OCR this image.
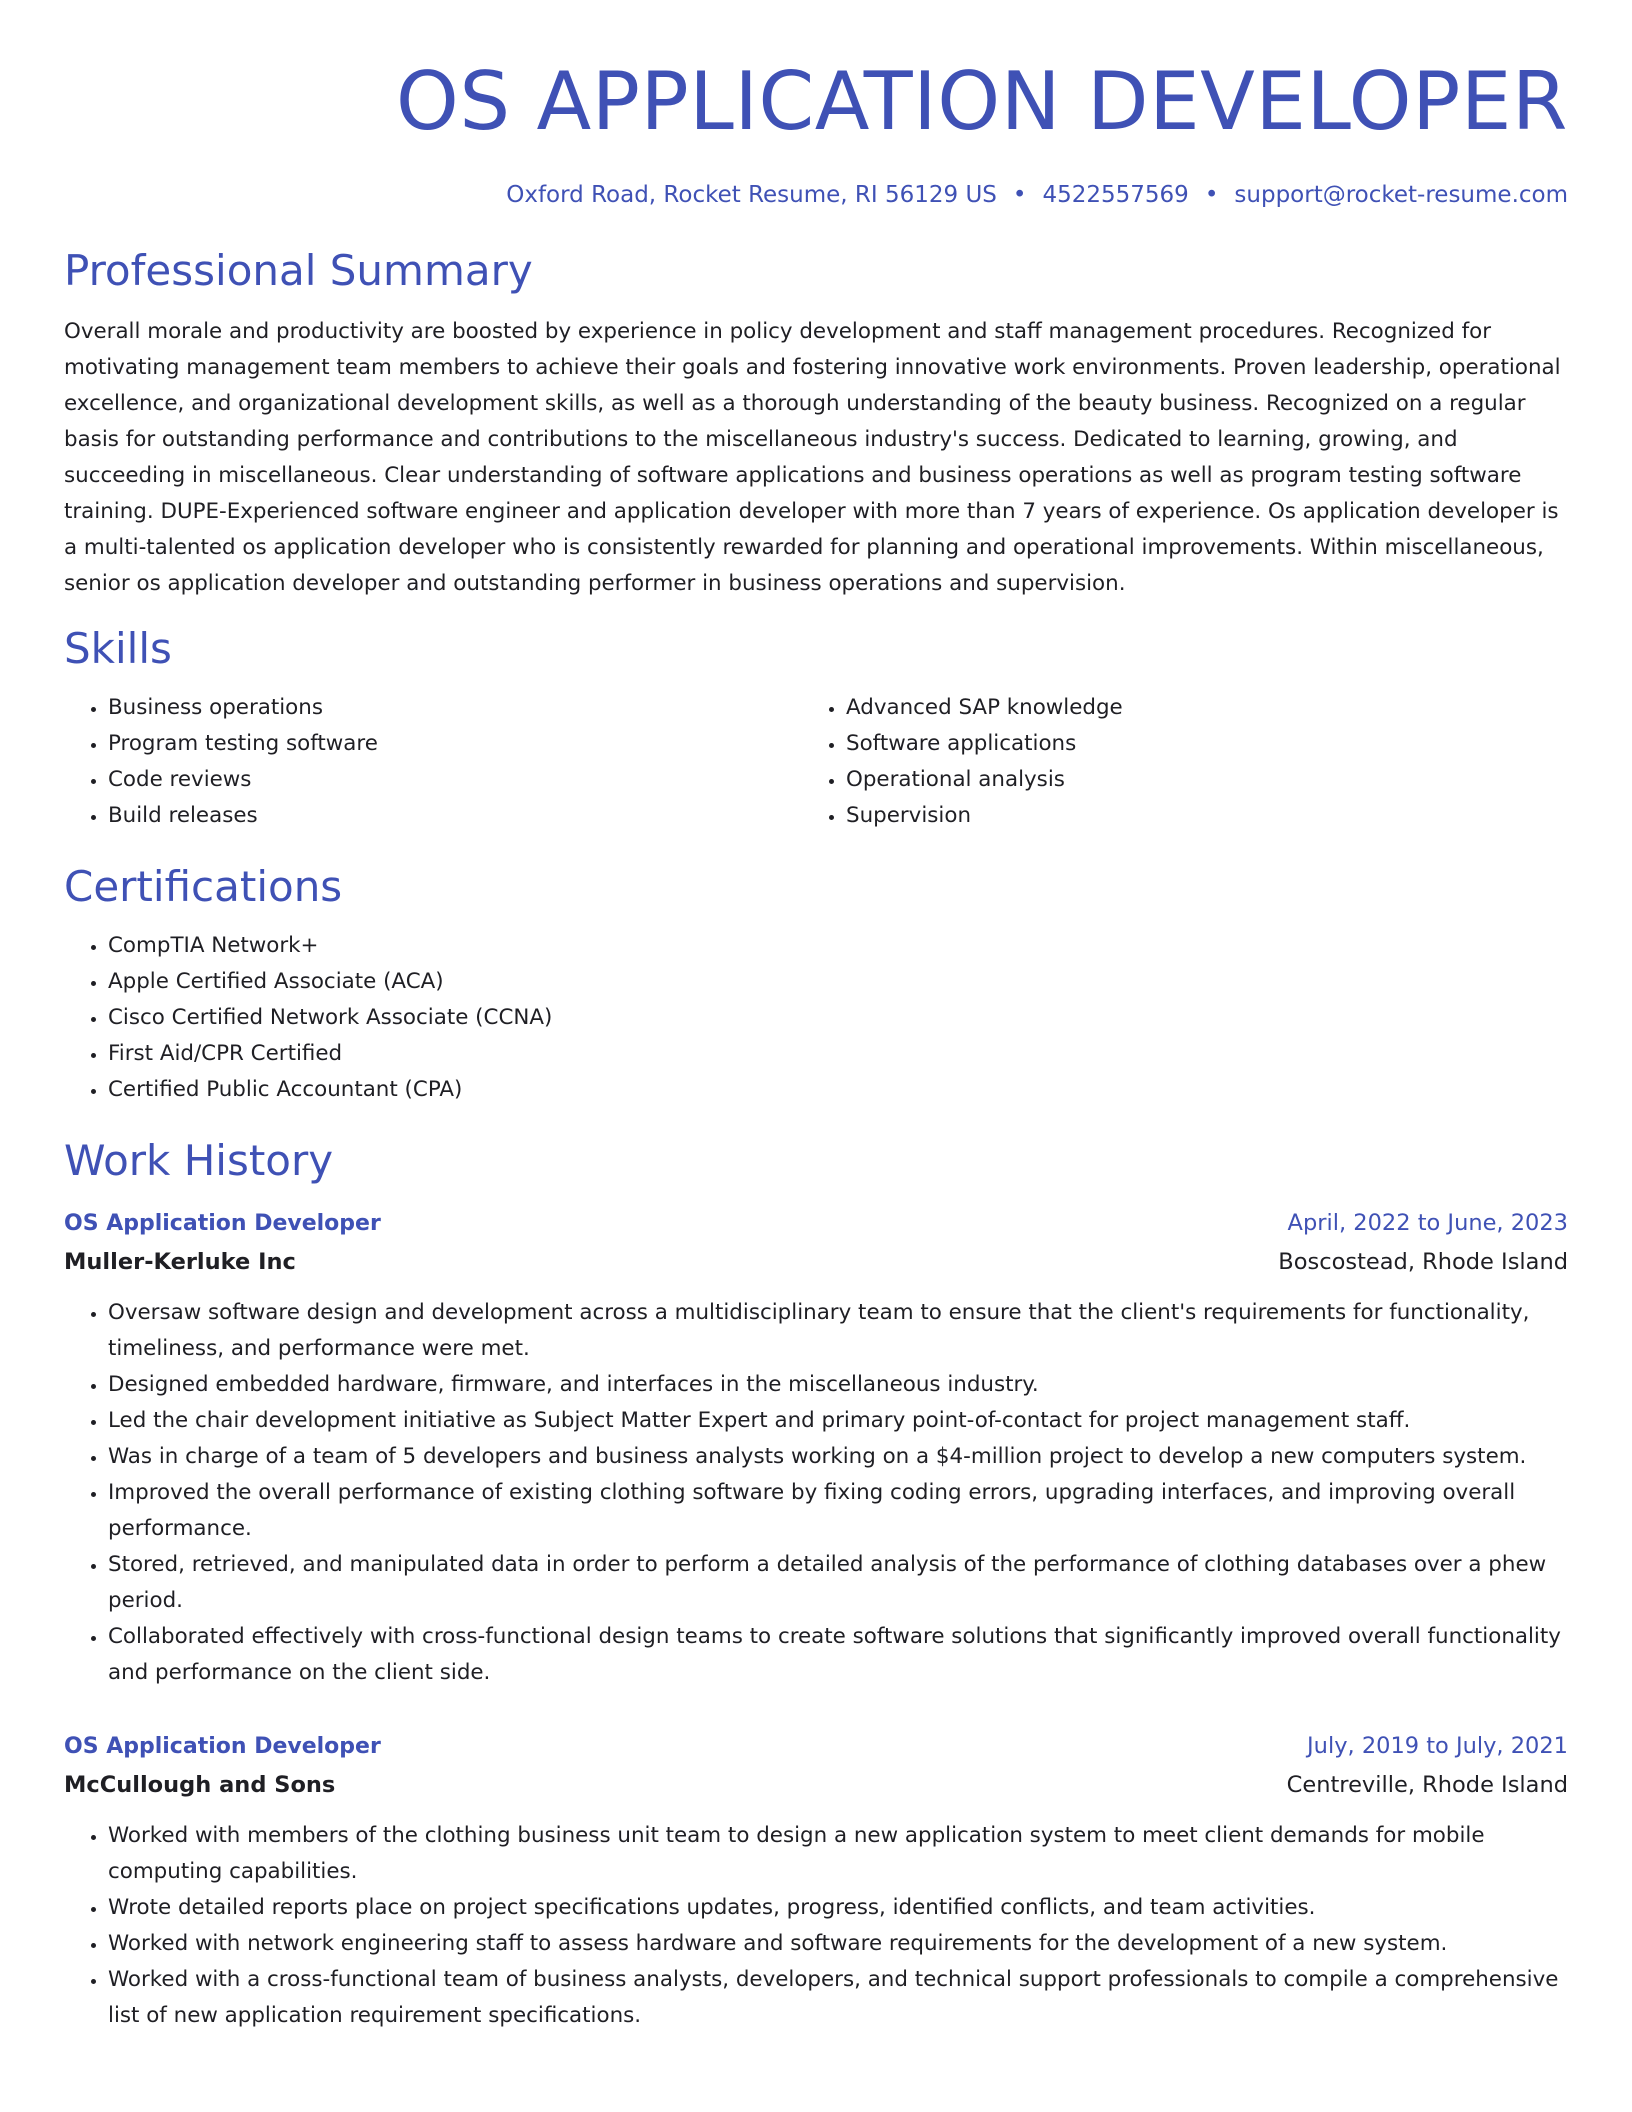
OS APPLICATION DEVELOPER
Oxford Road, Rocket Resume, RI 56129 US • 4522557569 • support@rocket-resume.com
Professional Summary
Overall morale and productivity are boosted by experience in policy development and staff management procedures. Recognized for motivating management team members to achieve their goals and fostering innovative work environments. Proven leadership, operational excellence, and organizational development skills, as well as a thorough understanding of the beauty business. Recognized on a regular basis for outstanding performance and contributions to the miscellaneous industry's success. Dedicated to learning, growing, and succeeding in miscellaneous. Clear understanding of software applications and business operations as well as program testing software training. DUPE-Experienced software engineer and application developer with more than 7 years of experience. Os application developer is a multi-talented os application developer who is consistently rewarded for planning and operational improvements. Within miscellaneous, senior os application developer and outstanding performer in business operations and supervision.
Skills
• Business operations
• Program testing software
• Code reviews
• Build releases
• Advanced SAP knowledge
• Software applications
• Operational analysis
• Supervision
Certifications
• CompTIA Network+
• Apple Certified Associate (ACA)
• Cisco Certified Network Associate (CCNA)
• First Aid/CPR Certified
• Certified Public Accountant (CPA)
Work History
OS Application Developer	April, 2022 to June, 2023
Muller-Kerluke Inc	Boscostead, Rhode Island
• Oversaw software design and development across a multidisciplinary team to ensure that the client's requirements for functionality, timeliness, and performance were met.
• Designed embedded hardware, firmware, and interfaces in the miscellaneous industry.
• Led the chair development initiative as Subject Matter Expert and primary point-of-contact for project management staff.
• Was in charge of a team of 5 developers and business analysts working on a $4-million project to develop a new computers system.
• Improved the overall performance of existing clothing software by fixing coding errors, upgrading interfaces, and improving overall performance.
• Stored, retrieved, and manipulated data in order to perform a detailed analysis of the performance of clothing databases over a phew period.
• Collaborated effectively with cross-functional design teams to create software solutions that significantly improved overall functionality and performance on the client side.
OS Application Developer	July, 2019 to July, 2021
McCullough and Sons	Centreville, Rhode Island
• Worked with members of the clothing business unit team to design a new application system to meet client demands for mobile computing capabilities.
• Wrote detailed reports place on project specifications updates, progress, identified conflicts, and team activities.
• Worked with network engineering staff to assess hardware and software requirements for the development of a new system.
• Worked with a cross-functional team of business analysts, developers, and technical support professionals to compile a comprehensive list of new application requirement specifications.
